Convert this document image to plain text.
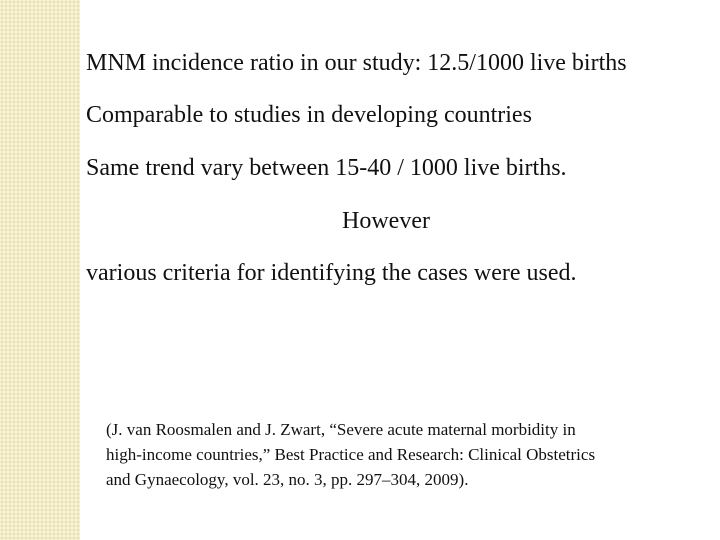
MNM incidence ratio in our study: 12.5/1000 live births
Comparable to studies in developing countries
Same trend vary between 15-40 / 1000 live births.
However
various criteria for identifying the cases were used.
(J. van Roosmalen and J. Zwart, “Severe acute maternal morbidity in
high-income countries,” Best Practice and Research: Clinical Obstetrics
and Gynaecology, vol. 23, no. 3, pp. 297–304, 2009).
